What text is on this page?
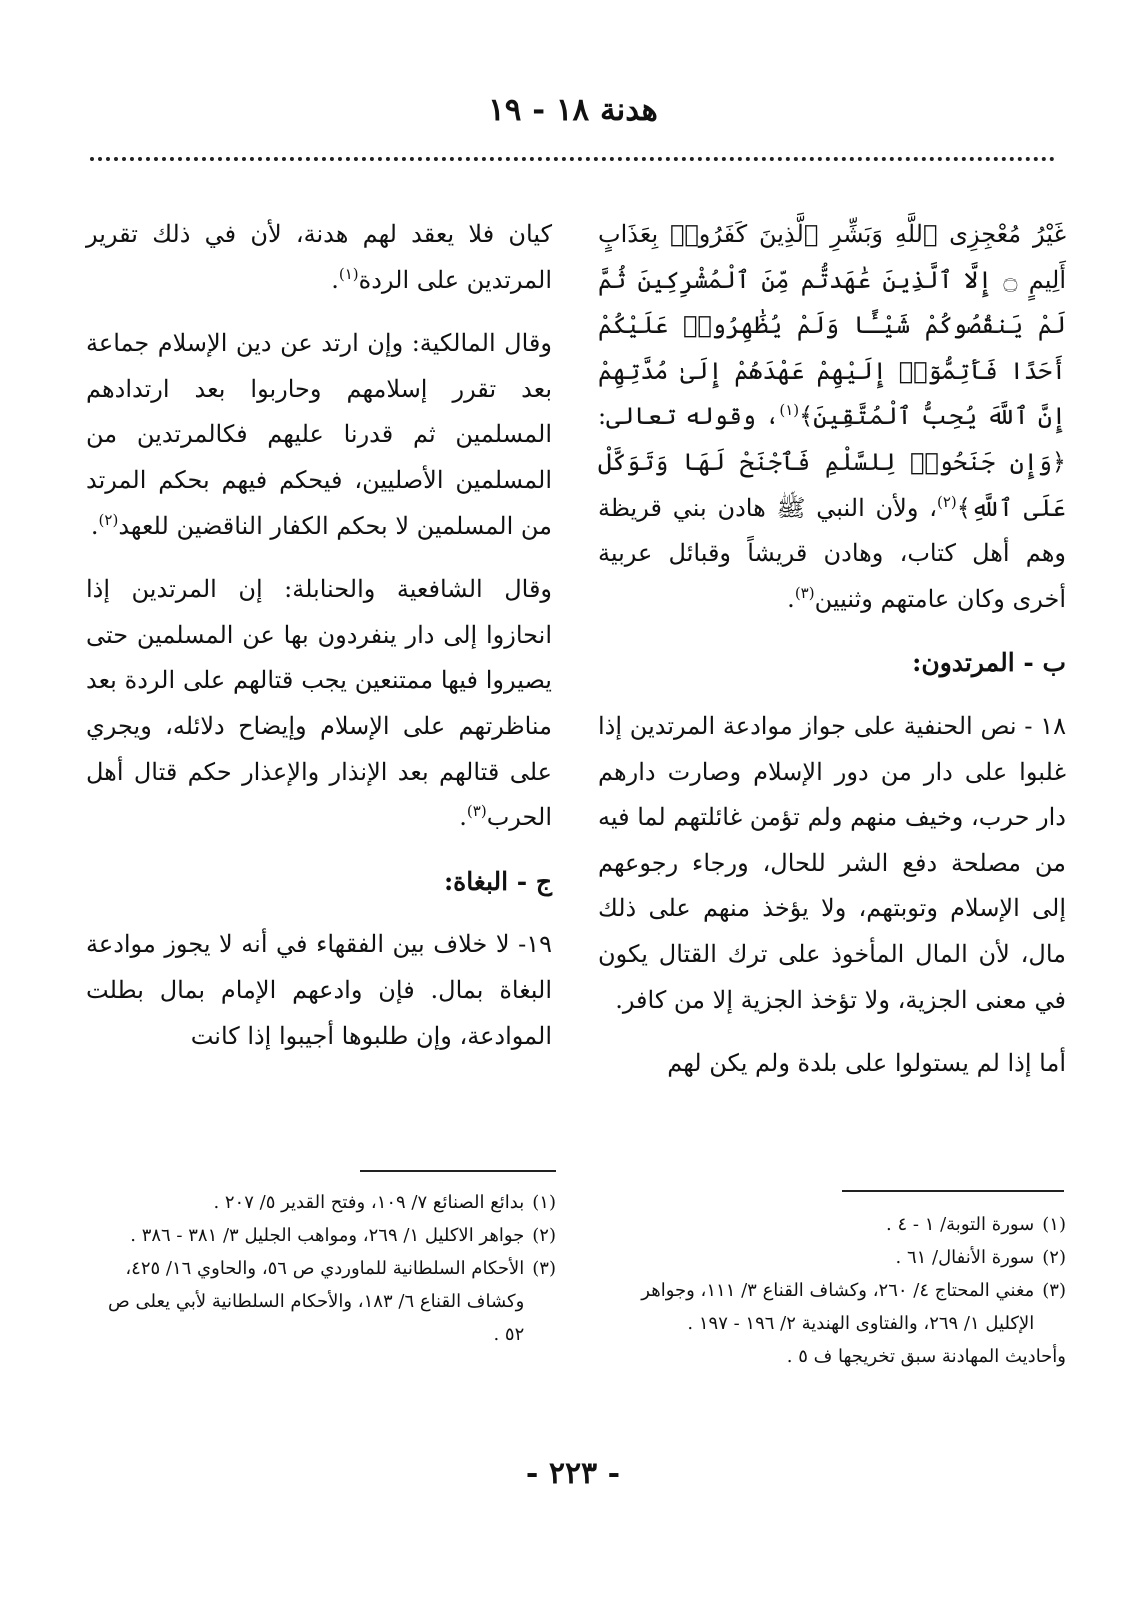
هدنة ١٨ - ١٩

غَيْرُ مُعْجِزِى ٱللَّهِ وَبَشِّرِ ٱلَّذِينَ كَفَرُوا۟ بِعَذَابٍ أَلِيمٍ ۝ إِلَّا ٱلَّذِينَ عَٰهَدتُّم مِّنَ ٱلْمُشْرِكِينَ ثُمَّ لَمْ يَنقُصُوكُمْ شَيْـًٔا وَلَمْ يُظَٰهِرُوا۟ عَلَيْكُمْ أَحَدًا فَأَتِمُّوٓا۟ إِلَيْهِمْ عَهْدَهُمْ إِلَىٰ مُدَّتِهِمْ إِنَّ ٱللَّهَ يُحِبُّ ٱلْمُتَّقِينَ﴾$^{(١)}$، وقوله تعالى: ﴿وَإِن جَنَحُوا۟ لِلسَّلْمِ فَٱجْنَحْ لَهَا وَتَوَكَّلْ عَلَى ٱللَّهِ﴾$^{(٢)}$، ولأن النبي ﷺ هادن بني قريظة وهم أهل كتاب، وهادن قريشاً وقبائل عربية أخرى وكان عامتهم وثنيين$^{(٣)}$.

ب - المرتدون:

١٨ - نص الحنفية على جواز موادعة المرتدين إذا غلبوا على دار من دور الإسلام وصارت دارهم دار حرب، وخيف منهم ولم تؤمن غائلتهم لما فيه من مصلحة دفع الشر للحال، ورجاء رجوعهم إلى الإسلام وتوبتهم، ولا يؤخذ منهم على ذلك مال، لأن المال المأخوذ على ترك القتال يكون في معنى الجزية، ولا تؤخذ الجزية إلا من كافر.

أما إذا لم يستولوا على بلدة ولم يكن لهم

كيان فلا يعقد لهم هدنة، لأن في ذلك تقرير المرتدين على الردة$^{(١)}$.

وقال المالكية: وإن ارتد عن دين الإسلام جماعة بعد تقرر إسلامهم وحاربوا بعد ارتدادهم المسلمين ثم قدرنا عليهم فكالمرتدين من المسلمين الأصليين، فيحكم فيهم بحكم المرتد من المسلمين لا بحكم الكفار الناقضين للعهد$^{(٢)}$.

وقال الشافعية والحنابلة: إن المرتدين إذا انحازوا إلى دار ينفردون بها عن المسلمين حتى يصيروا فيها ممتنعين يجب قتالهم على الردة بعد مناظرتهم على الإسلام وإيضاح دلائله، ويجري على قتالهم بعد الإنذار والإعذار حكم قتال أهل الحرب$^{(٣)}$.

ج - البغاة:

١٩- لا خلاف بين الفقهاء في أنه لا يجوز موادعة البغاة بمال. فإن وادعهم الإمام بمال بطلت الموادعة، وإن طلبوها أجيبوا إذا كانت

(١)
سورة التوبة/ ١ - ٤ .
(٢)
سورة الأنفال/ ٦١ .
(٣)
مغني المحتاج ٤/ ٢٦٠، وكشاف القناع ٣/ ١١١، وجواهر الإكليل ١/ ٢٦٩، والفتاوى الهندية ٢/ ١٩٦ - ١٩٧ .
وأحاديث المهادنة سبق تخريجها ف ٥ .
(١)
بدائع الصنائع ٧/ ١٠٩، وفتح القدير ٥/ ٢٠٧ .
(٢)
جواهر الاكليل ١/ ٢٦٩، ومواهب الجليل ٣/ ٣٨١ - ٣٨٦ .
(٣)
الأحكام السلطانية للماوردي ص ٥٦، والحاوي ١٦/ ٤٢٥، وكشاف القناع ٦/ ١٨٣، والأحكام السلطانية لأبي يعلى ص ٥٢ .
- ٢٢٣ -
